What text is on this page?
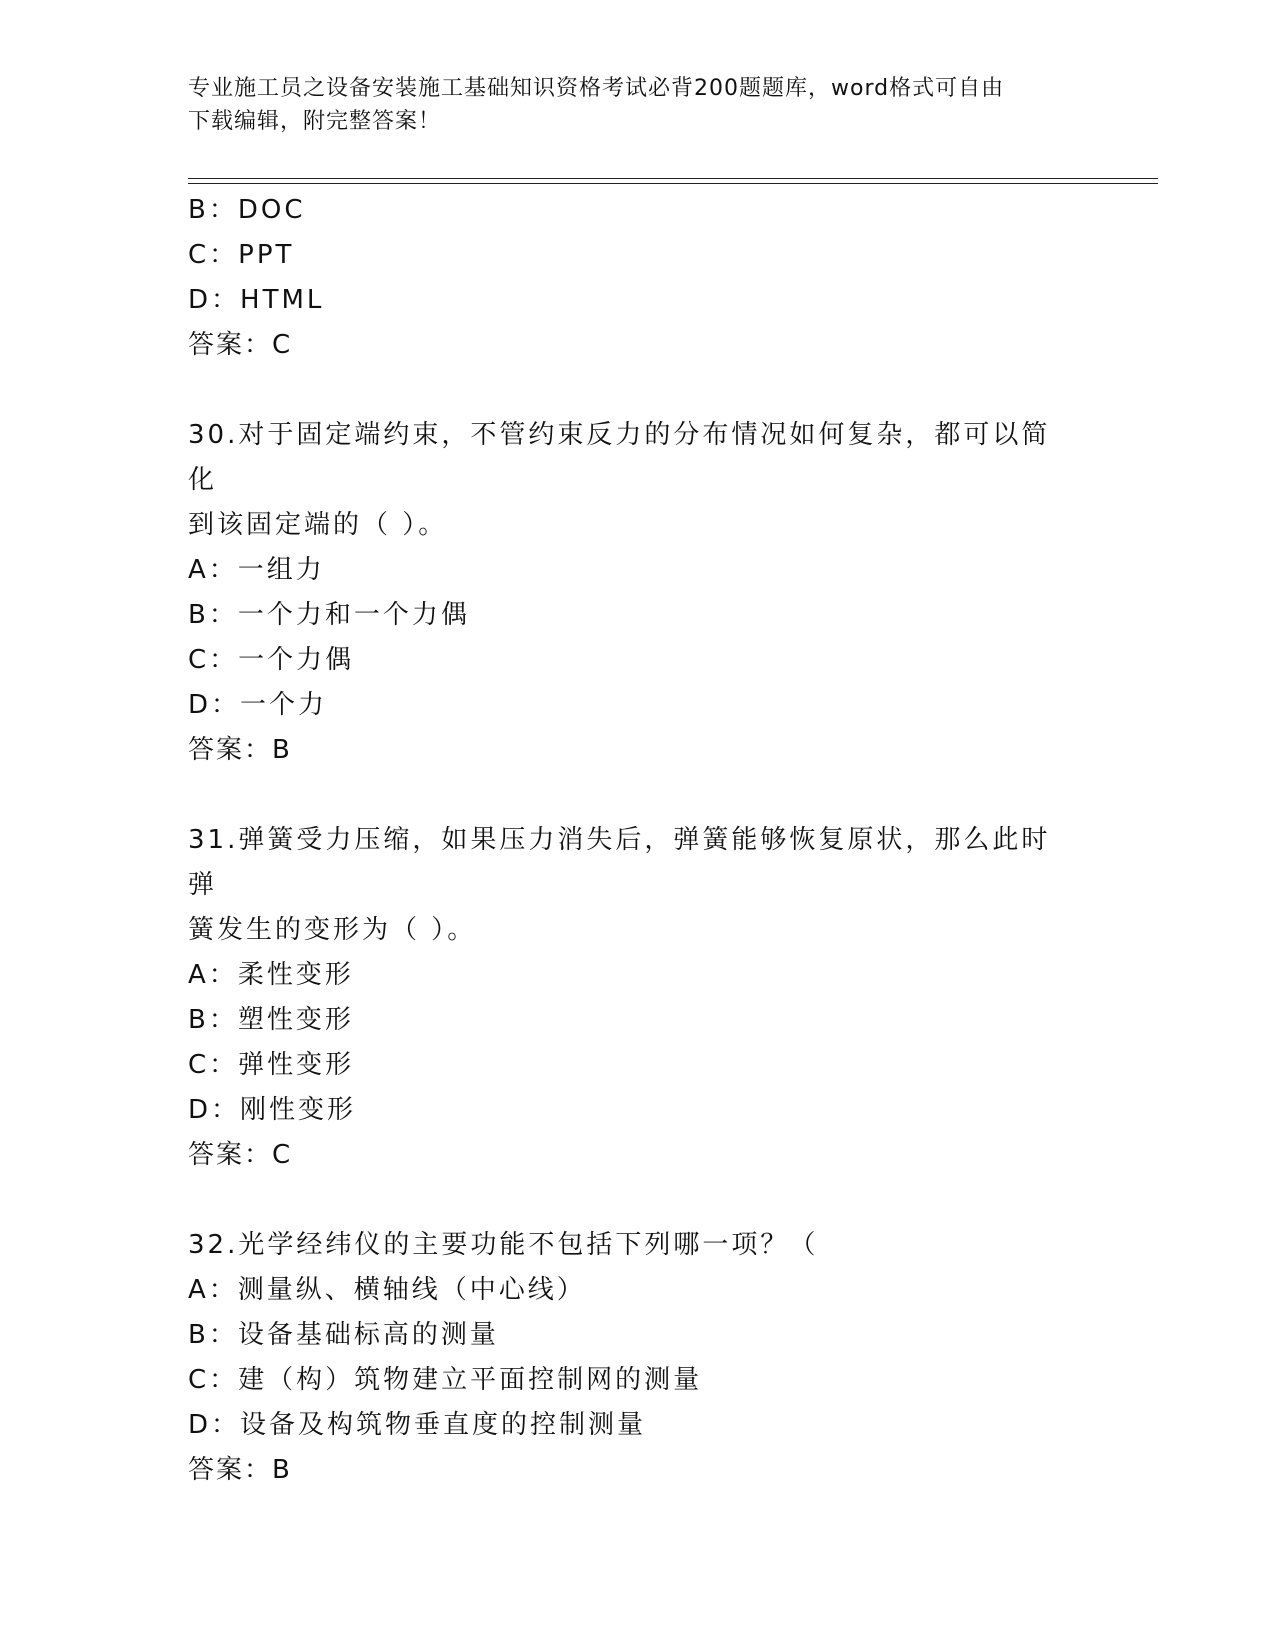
专业施工员之设备安装施工基础知识资格考试必背200题题库，word格式可自由
下载编辑，附完整答案！
B：DOC
C：PPT
D：HTML
答案：C
30.对于固定端约束，不管约束反力的分布情况如何复杂，都可以简化
到该固定端的（ ）。
A：一组力
B：一个力和一个力偶
C：一个力偶
D：一个力
答案：B
31.弹簧受力压缩，如果压力消失后，弹簧能够恢复原状，那么此时弹
簧发生的变形为（ ）。
A：柔性变形
B：塑性变形
C：弹性变形
D：刚性变形
答案：C
32.光学经纬仪的主要功能不包括下列哪一项？（
A：测量纵、横轴线（中心线）
B：设备基础标高的测量
C：建（构）筑物建立平面控制网的测量
D：设备及构筑物垂直度的控制测量
答案：B
